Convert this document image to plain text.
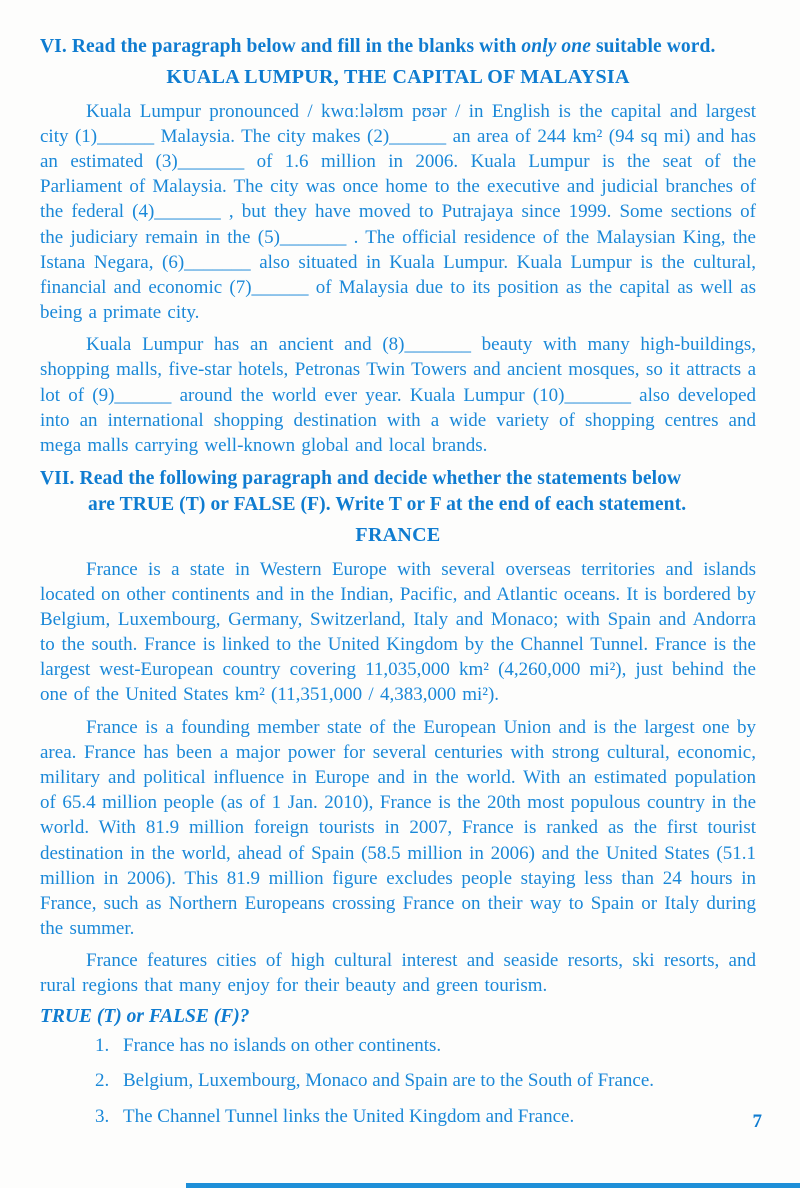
VI. Read the paragraph below and fill in the blanks with only one suitable word.
KUALA LUMPUR, THE CAPITAL OF MALAYSIA
Kuala Lumpur pronounced / kwɑːləlʊm pʊər / in English is the capital and largest city (1)______ Malaysia. The city makes (2)______ an area of 244 km² (94 sq mi) and has an estimated (3)_______ of 1.6 million in 2006. Kuala Lumpur is the seat of the Parliament of Malaysia. The city was once home to the executive and judicial branches of the federal (4)_______ , but they have moved to Putrajaya since 1999. Some sections of the judiciary remain in the (5)_______ . The official residence of the Malaysian King, the Istana Negara, (6)_______ also situated in Kuala Lumpur. Kuala Lumpur is the cultural, financial and economic (7)______ of Malaysia due to its position as the capital as well as being a primate city.
Kuala Lumpur has an ancient and (8)_______ beauty with many high-buildings, shopping malls, five-star hotels, Petronas Twin Towers and ancient mosques, so it attracts a lot of (9)______ around the world ever year. Kuala Lumpur (10)_______ also developed into an international shopping destination with a wide variety of shopping centres and mega malls carrying well-known global and local brands.
VII. Read the following paragraph and decide whether the statements below
are TRUE (T) or FALSE (F). Write T or F at the end of each statement.
FRANCE
France is a state in Western Europe with several overseas territories and islands located on other continents and in the Indian, Pacific, and Atlantic oceans. It is bordered by Belgium, Luxembourg, Germany, Switzerland, Italy and Monaco; with Spain and Andorra to the south. France is linked to the United Kingdom by the Channel Tunnel. France is the largest west-European country covering 11,035,000 km² (4,260,000 mi²), just behind the one of the United States km² (11,351,000 / 4,383,000 mi²).
France is a founding member state of the European Union and is the largest one by area. France has been a major power for several centuries with strong cultural, economic, military and political influence in Europe and in the world. With an estimated population of 65.4 million people (as of 1 Jan. 2010), France is the 20th most populous country in the world. With 81.9 million foreign tourists in 2007, France is ranked as the first tourist destination in the world, ahead of Spain (58.5 million in 2006) and the United States (51.1 million in 2006). This 81.9 million figure excludes people staying less than 24 hours in France, such as Northern Europeans crossing France on their way to Spain or Italy during the summer.
France features cities of high cultural interest and seaside resorts, ski resorts, and rural regions that many enjoy for their beauty and green tourism.
TRUE (T) or FALSE (F)?
1. France has no islands on other continents.
2. Belgium, Luxembourg, Monaco and Spain are to the South of France.
3. The Channel Tunnel links the United Kingdom and France.	7
